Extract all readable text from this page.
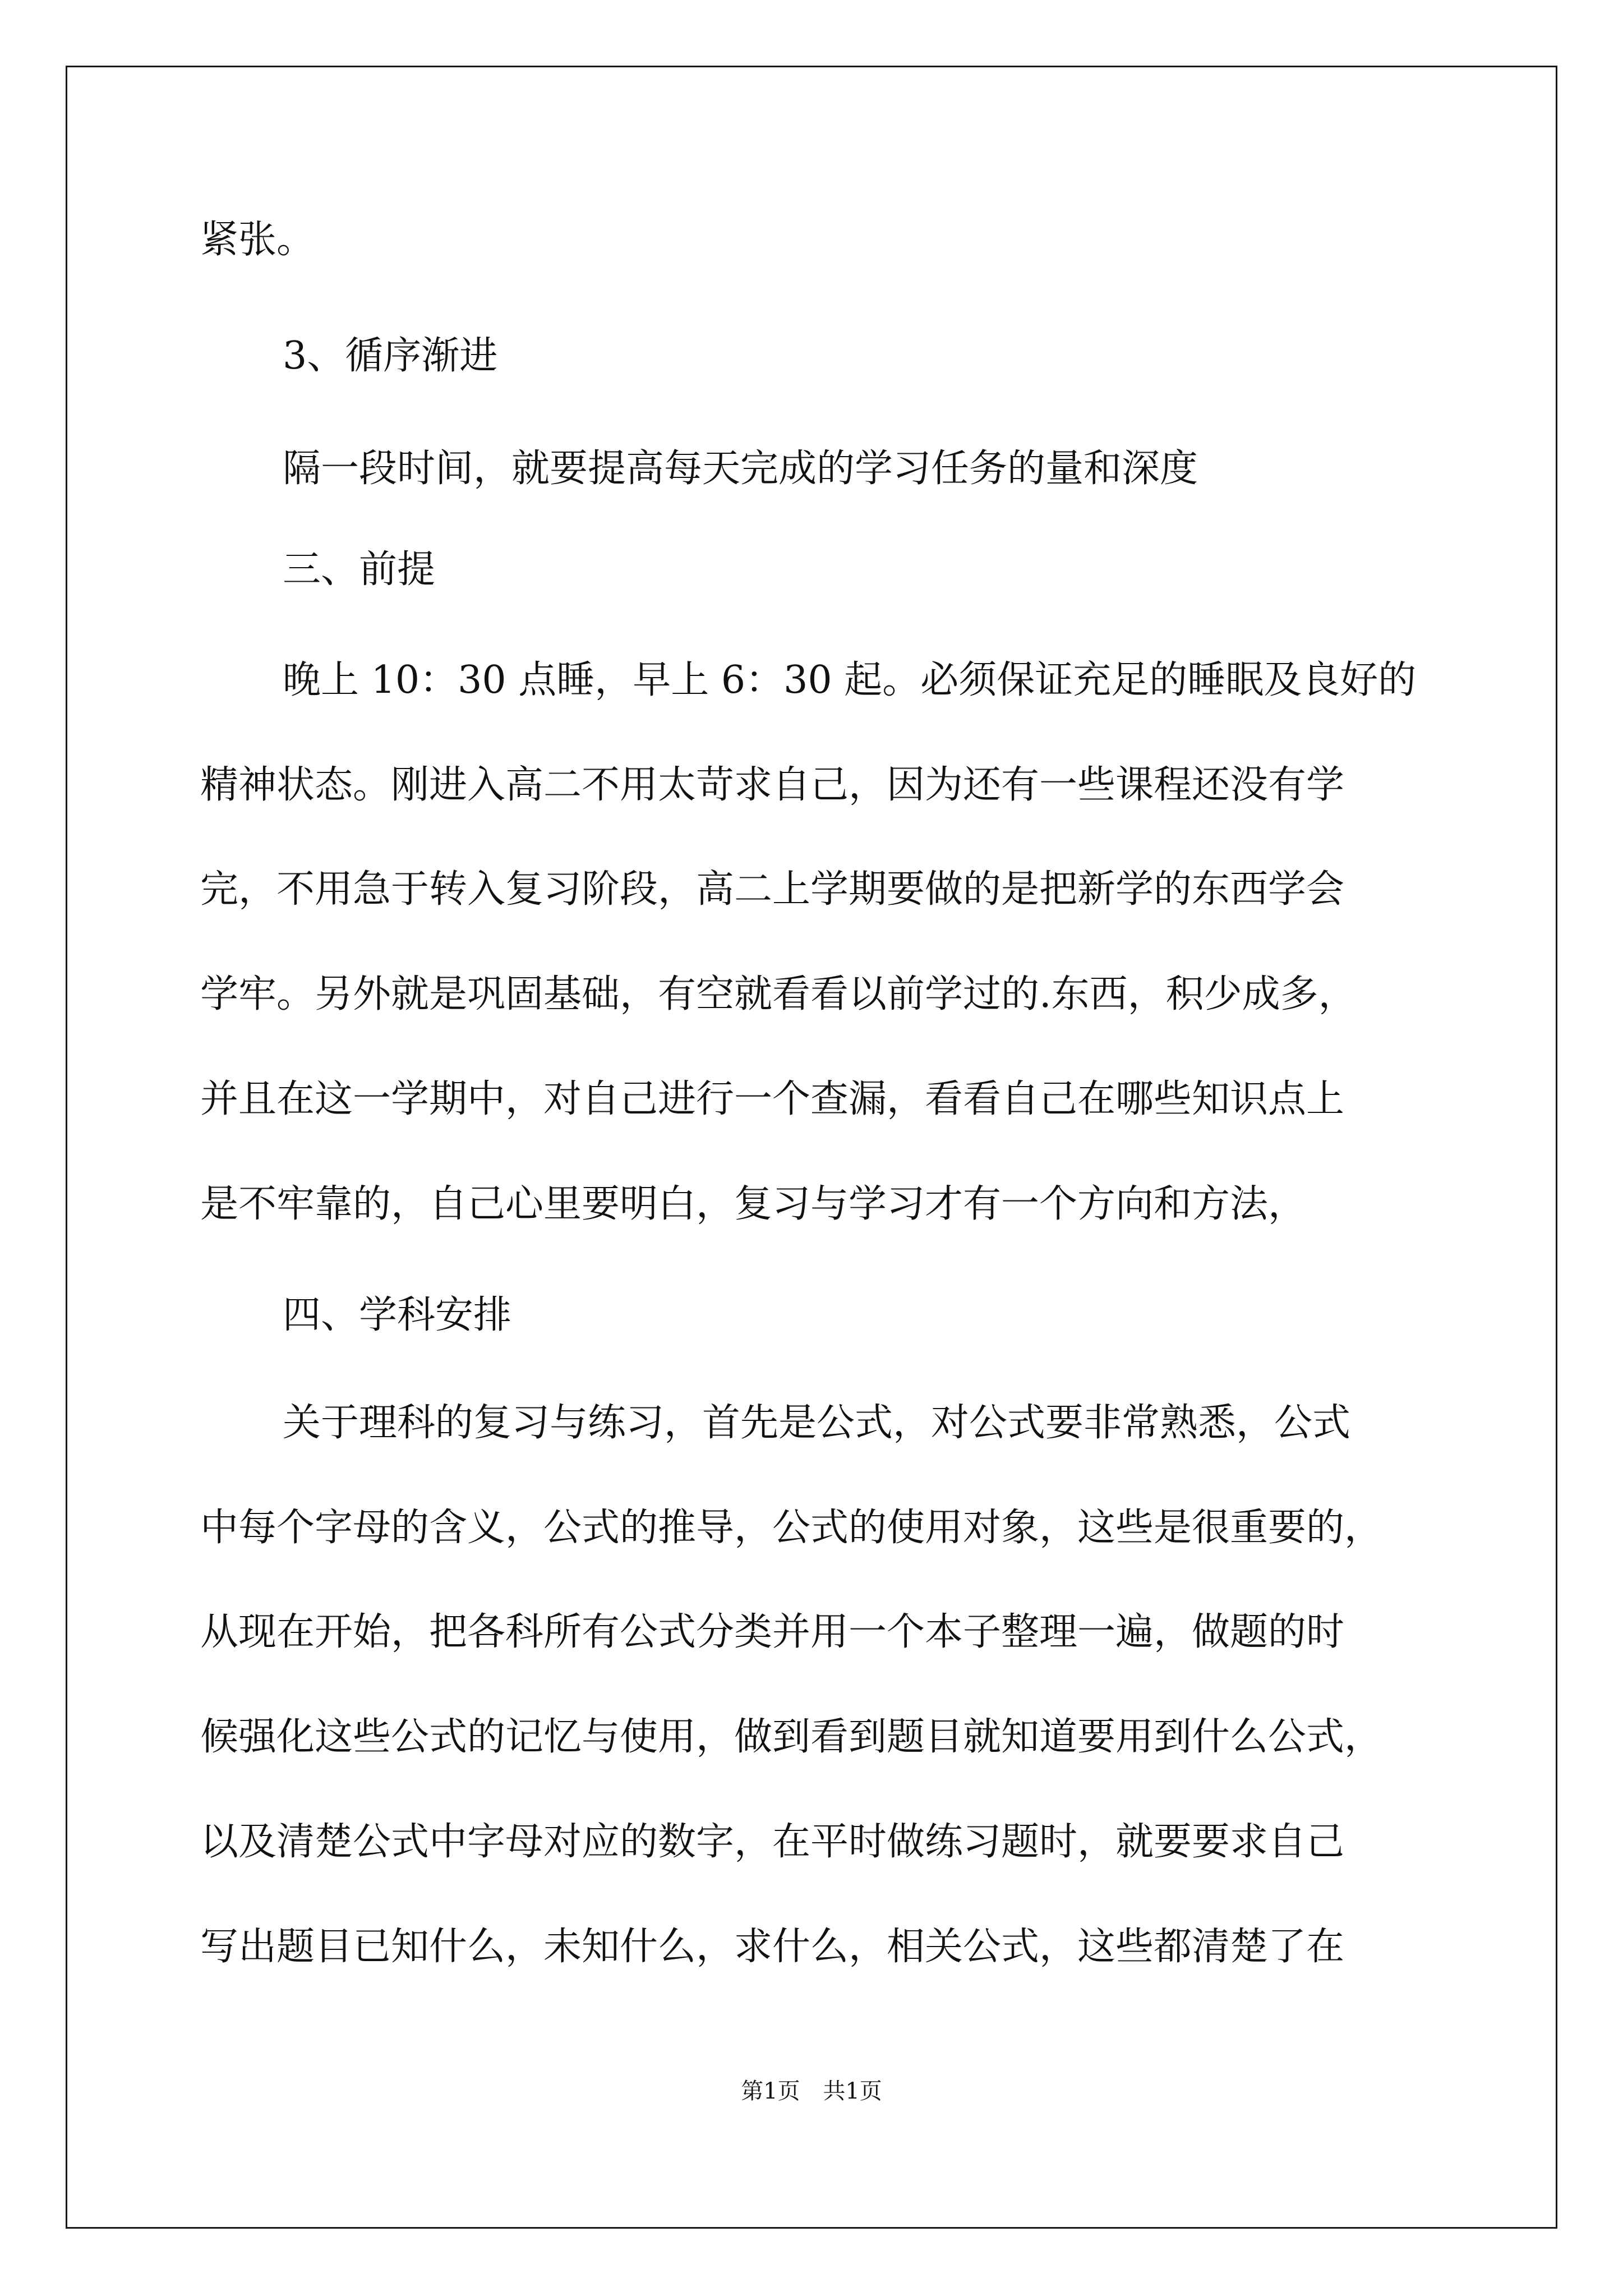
紧张。

3、循序渐进

隔一段时间，就要提高每天完成的学习任务的量和深度

三、前提

晚上 10：30 点睡，早上 6：30 起。必须保证充足的睡眠及良好的

精神状态。刚进入高二不用太苛求自己，因为还有一些课程还没有学

完，不用急于转入复习阶段，高二上学期要做的是把新学的东西学会

学牢。另外就是巩固基础，有空就看看以前学过的.东西，积少成多，

并且在这一学期中，对自己进行一个查漏，看看自己在哪些知识点上

是不牢靠的，自己心里要明白，复习与学习才有一个方向和方法，

四、学科安排

关于理科的复习与练习，首先是公式，对公式要非常熟悉，公式

中每个字母的含义，公式的推导，公式的使用对象，这些是很重要的，

从现在开始，把各科所有公式分类并用一个本子整理一遍，做题的时

候强化这些公式的记忆与使用，做到看到题目就知道要用到什么公式，

以及清楚公式中字母对应的数字，在平时做练习题时，就要要求自己

写出题目已知什么，未知什么，求什么，相关公式，这些都清楚了在

第1页 共1页
